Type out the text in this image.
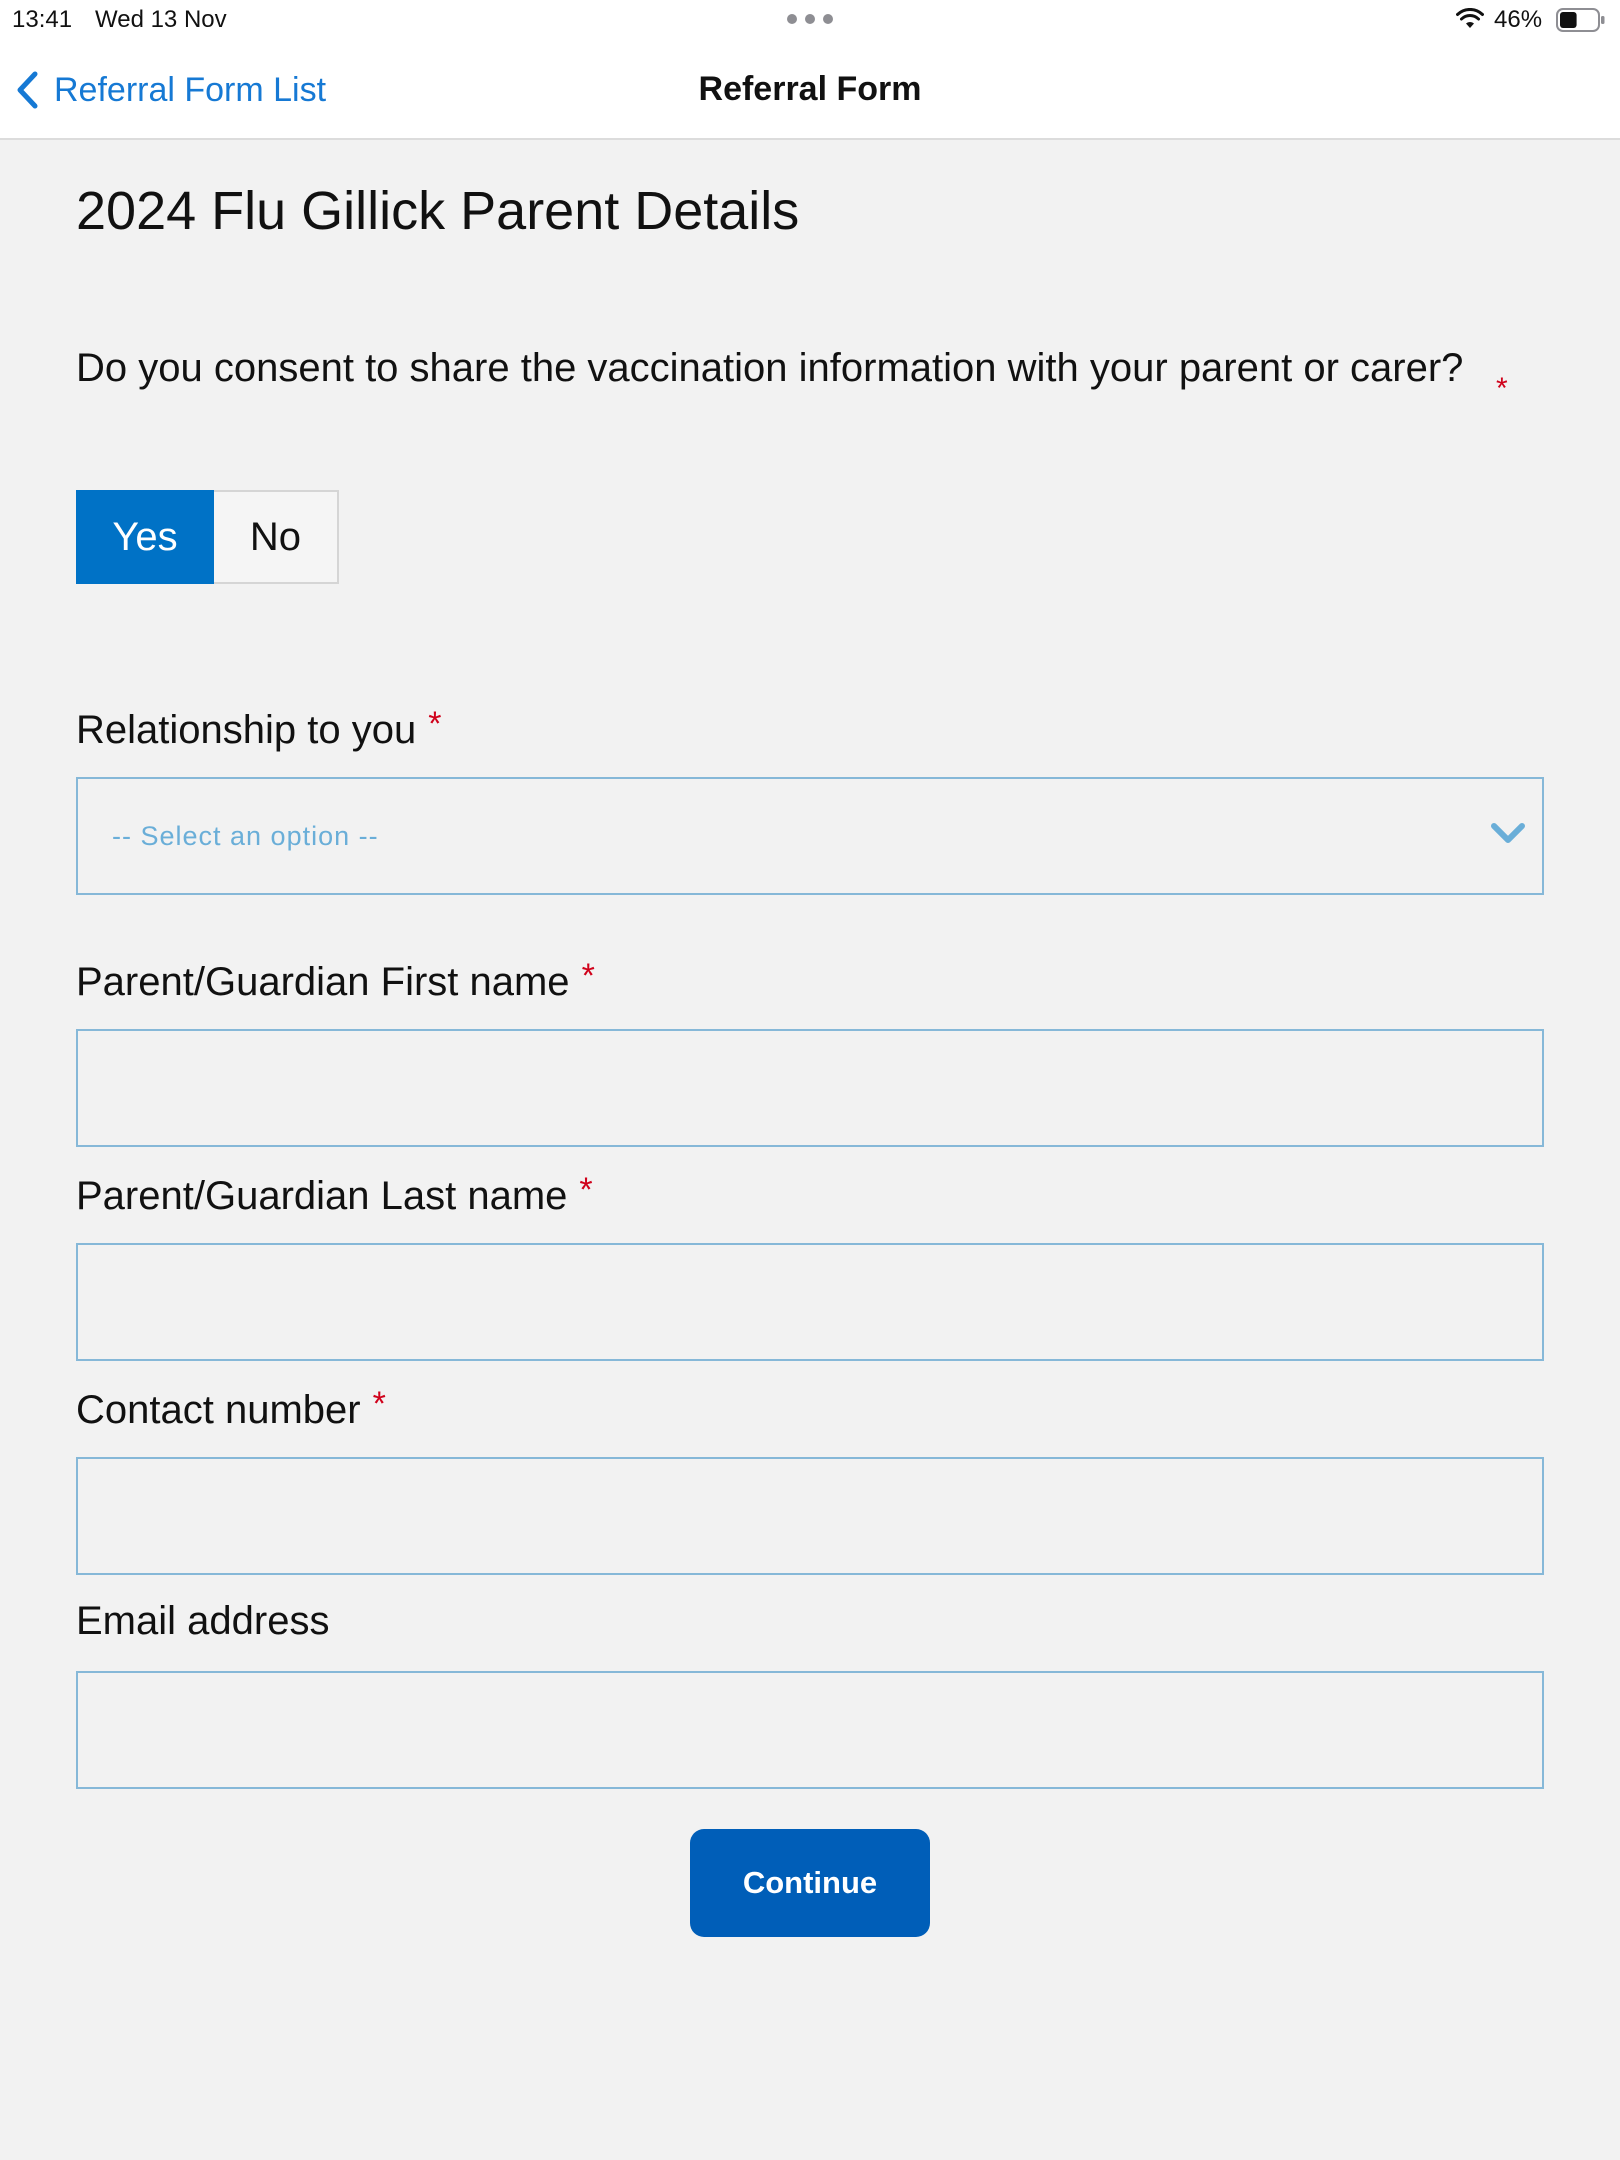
13:41 Wed 13 Nov	46%
Referral Form List	Referral Form
2024 Flu Gillick Parent Details
Do you consent to share the vaccination information with your parent or carer?	*
Yes	No
Relationship to you *
-- Select an option --
Parent/Guardian First name *
Parent/Guardian Last name *
Contact number *
Email address
Continue
